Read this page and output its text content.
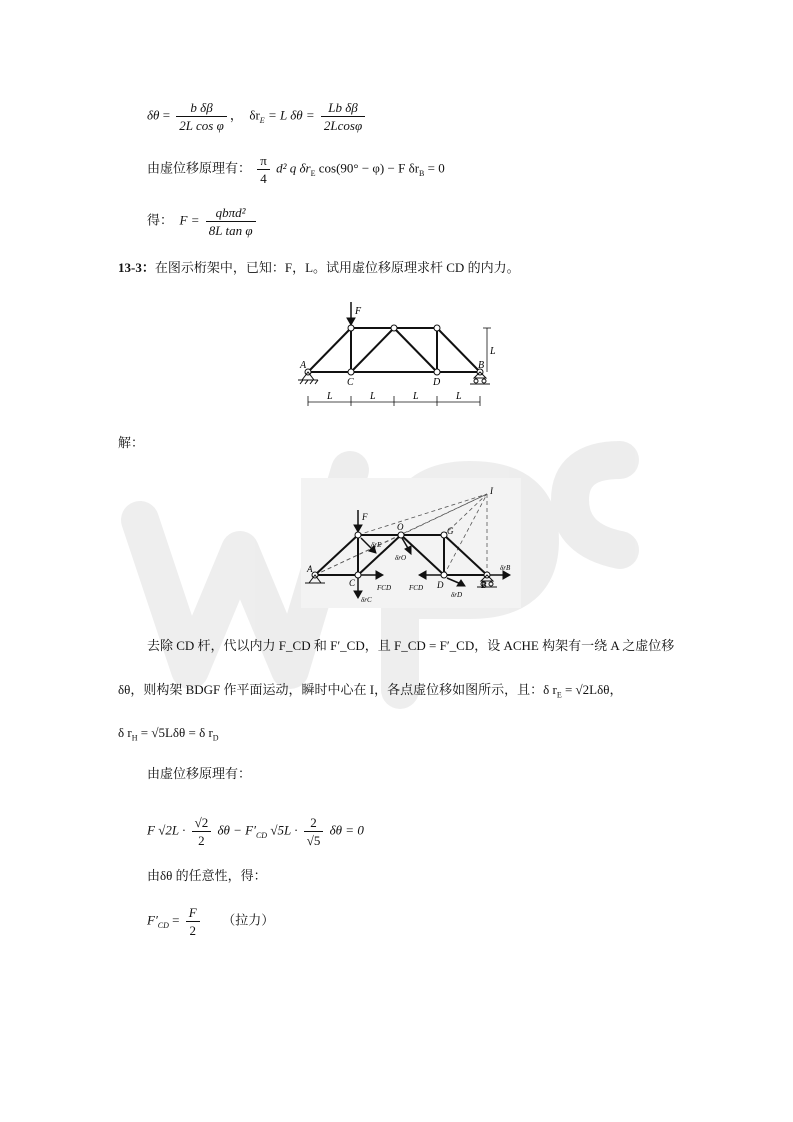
$\delta\theta = \frac{\text{b δβ}}{\text{2L cos φ}}$ ， $\delta r_E = L$ $\delta\theta = \frac{\text{Lb δβ}}{2Lcos\varphi}$
由虚位移原理有： $\frac{\pi}{4} d^2$ q $\delta r_E$ cos(90° − φ) − F $\delta r_B = 0$
得： $F = \frac{\text{qbπd²}}{\text{8L tan φ}}$
13-3：在图示桁架中，已知：F，L。试用虚位移原理求杆 CD 的内力。
F
A	B
C	D
L
L	L	L	L
解：
F
A
B
C	D
O	G
I
δrE
δrO
δrB
δrC
δrD
FCD	FCD
去除 CD 杆，代以内力 F_CD 和 F′_CD，且 F_CD = F′_CD，设 ACHE 构架有一绕 A 之虚位移
δθ，则构架 BDGF 作平面运动，瞬时中心在 I，各点虚位移如图所示，且：δ $r_E = √2L\delta\theta$，
δ $r_H = √5L\delta\theta = \delta$ $r_D$
由虚位移原理有：
F $√2L \cdot \frac{√2}{2}$ $\delta\theta - F'_{CD}$ $√5L \cdot \frac{2}{√5}$ δθ = 0
由δθ 的任意性，得：
$F'_{CD} = \frac{F}{2}$ （拉力）
